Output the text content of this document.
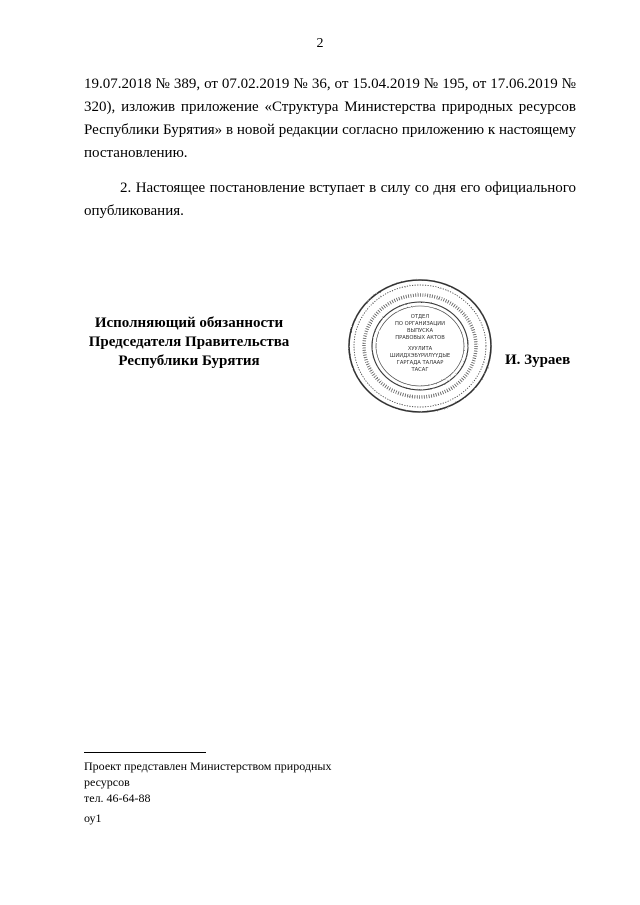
2

19.07.2018 № 389, от 07.02.2019 № 36, от 15.04.2019 № 195, от 17.06.2019 № 320), изложив приложение «Структура Министерства природных ресурсов Республики Бурятия» в новой редакции согласно приложению к настоящему постановлению.

2. Настоящее постановление вступает в силу со дня его официального опубликования.

Исполняющий обязанности
Председателя Правительства
Республики Бурятия
ОТДЕЛ
ПО ОРГАНИЗАЦИИ
ВЫПУСКА
ПРАВОВЫХ АКТОВ
ХУУЛИТА
ШИИДХЭБҮРИЛҮҮДЫЕ
ГАРГАДА ТАЛААР
ТАСАГ
И. Зураев
Проект представлен Министерством природных
ресурсов
тел. 46-64-88
оу1
